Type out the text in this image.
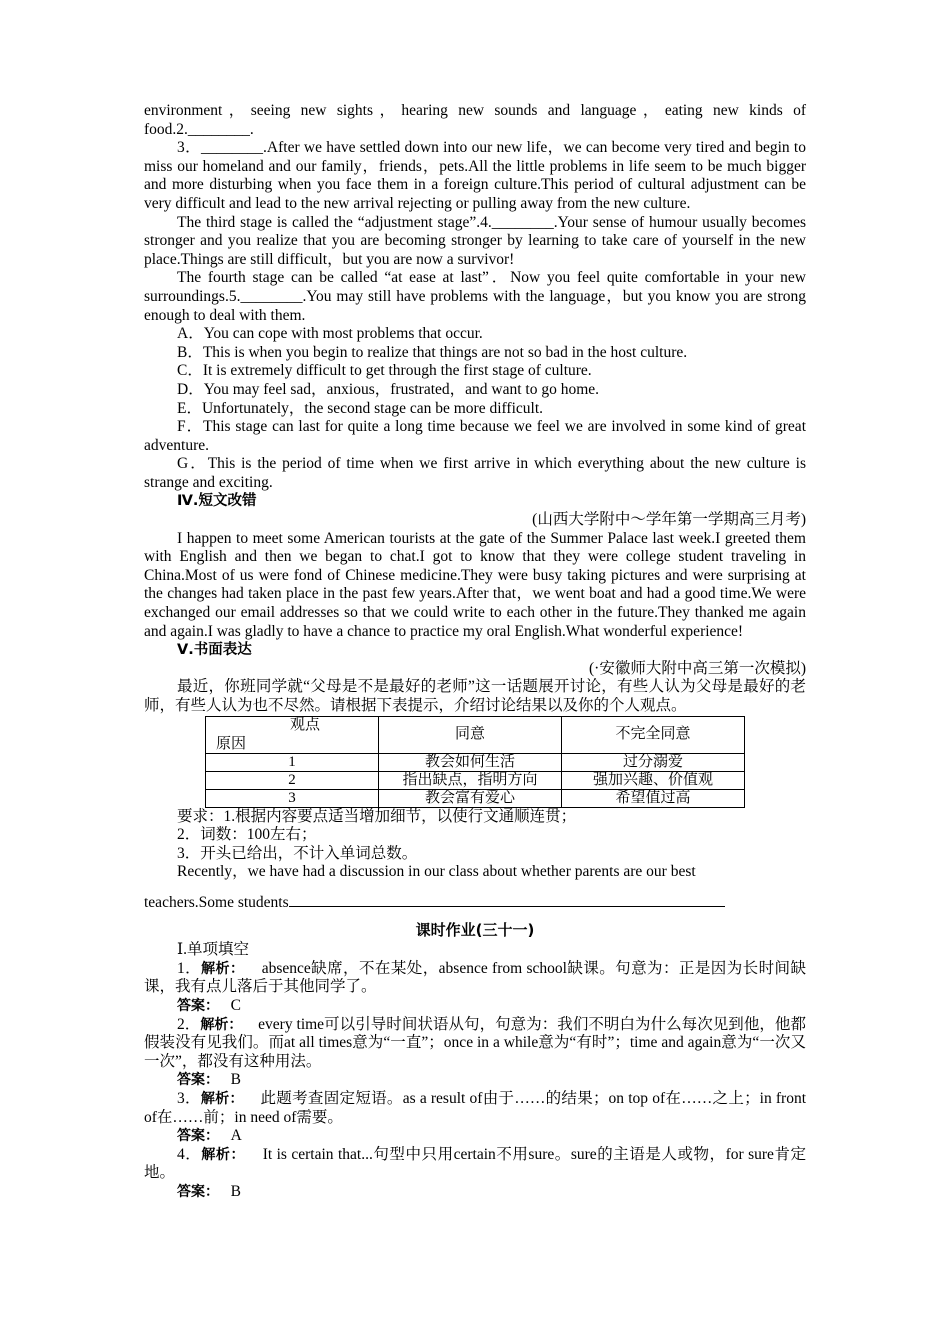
environment，seeing new sights，hearing new sounds and language，eating new kinds of food.2.________.

3．________.After we have settled down into our new life，we can become very tired and begin to miss our homeland and our family，friends，pets.All the little problems in life seem to be much bigger and more disturbing when you face them in a foreign culture.This period of cultural adjustment can be very difficult and lead to the new arrival rejecting or pulling away from the new culture.

The third stage is called the “adjustment stage”.4.________.Your sense of humour usually becomes stronger and you realize that you are becoming stronger by learning to take care of yourself in the new place.Things are still difficult，but you are now a survivor!

The fourth stage can be called “at ease at last”．Now you feel quite comfortable in your new surroundings.5.________.You may still have problems with the language，but you know you are strong enough to deal with them.

A．You can cope with most problems that occur.

B．This is when you begin to realize that things are not so bad in the host culture.

C．It is extremely difficult to get through the first stage of culture.

D．You may feel sad，anxious，frustrated，and want to go home.

E．Unfortunately，the second stage can be more difficult.

F．This stage can last for quite a long time because we feel we are involved in some kind of great adventure.

G．This is the period of time when we first arrive in which everything about the new culture is strange and exciting.

Ⅳ.短文改错

(山西大学附中～学年第一学期高三月考)

I happen to meet some American tourists at the gate of the Summer Palace last week.I greeted them with English and then we began to chat.I got to know that they were college student traveling in China.Most of us were fond of Chinese medicine.They were busy taking pictures and were surprising at the changes had taken place in the past few years.After that，we went boat and had a good time.We were exchanged our email addresses so that we could write to each other in the future.They thanked me again and again.I was gladly to have a chance to practice my oral English.What wonderful experience!

Ⅴ.书面表达

(·安徽师大附中高三第一次模拟)

最近，你班同学就“父母是不是最好的老师”这一话题展开讨论，有些人认为父母是最好的老师，有些人认为也不尽然。请根据下表提示，介绍讨论结果以及你的个人观点。

观点
原因	同意	不完全同意
1	教会如何生活	过分溺爱
2	指出缺点，指明方向	强加兴趣、价值观
3	教会富有爱心	希望值过高

要求：1.根据内容要点适当增加细节，以使行文通顺连贯；

2．词数：100左右；

3．开头已给出，不计入单词总数。

Recently，we have had a discussion in our class about whether parents are our best

teachers.Some students

课时作业(三十一)

Ⅰ.单项填空

1．解析： absence缺席，不在某处，absence from school缺课。句意为：正是因为长时间缺课，我有点儿落后于其他同学了。

答案： C

2．解析： every time可以引导时间状语从句，句意为：我们不明白为什么每次见到他，他都假装没有见我们。而at all times意为“一直”；once in a while意为“有时”；time and again意为“一次又一次”，都没有这种用法。

答案： B

3．解析： 此题考查固定短语。as a result of由于……的结果；on top of在……之上；in front of在……前；in need of需要。

答案： A

4．解析： It is certain that...句型中只用certain不用sure。sure的主语是人或物，for sure肯定地。

答案： B
